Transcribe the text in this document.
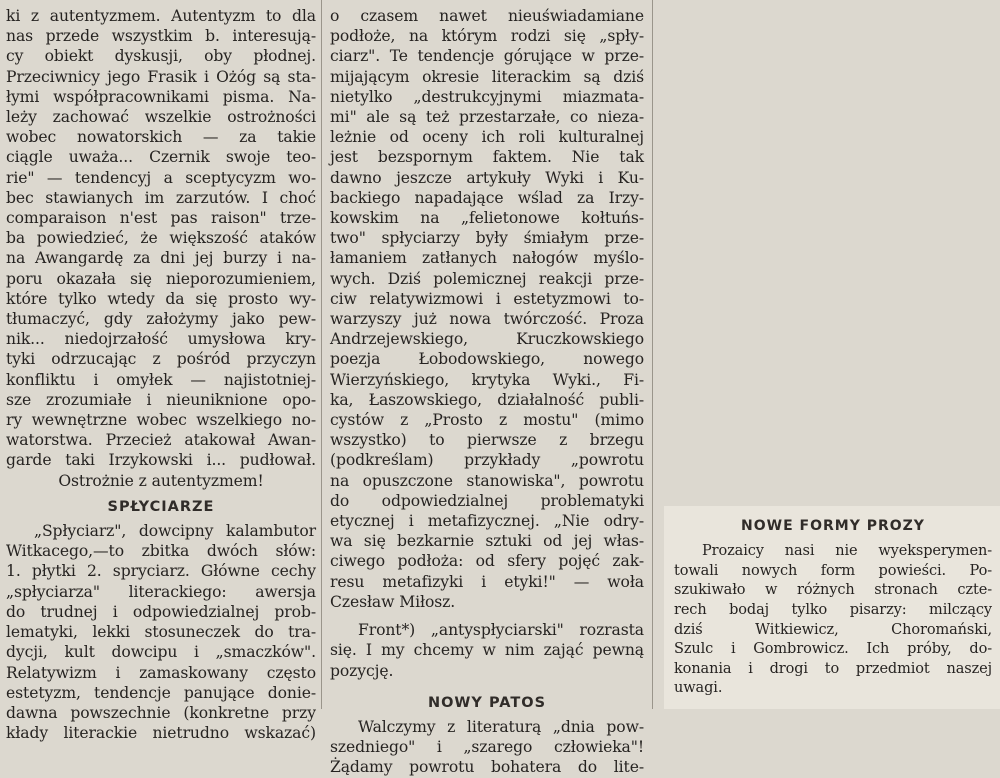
ki z autentyzmem. Autentyzm to dla

nas przede wszystkim b. interesują-

cy obiekt dyskusji, oby płodnej.

Przeciwnicy jego Frasik i Ożóg są sta-

łymi współpracownikami pisma. Na-

leży zachować wszelkie ostrożności

wobec nowatorskich — za takie

ciągle uważa... Czernik swoje teo-

rie" — tendencyj a sceptycyzm wo-

bec stawianych im zarzutów. I choć

comparaison n'est pas raison" trze-

ba powiedzieć, że większość ataków

na Awangardę za dni jej burzy i na-

poru okazała się nieporozumieniem,

które tylko wtedy da się prosto wy-

tłumaczyć, gdy założymy jako pew-

nik... niedojrzałość umysłowa kry-

tyki odrzucając z pośród przyczyn

konfliktu i omyłek — najistotniej-

sze zrozumiałe i nieuniknione opo-

ry wewnętrzne wobec wszelkiego no-

watorstwa. Przecież atakował Awan-

garde taki Irzykowski i... pudłował.

Ostrożnie z autentyzmem!

SPŁYCIARZE

„Spłyciarz", dowcipny kalambutor

Witkacego,—to zbitka dwóch słów:

1. płytki 2. spryciarz. Główne cechy

„spłyciarza" literackiego: awersja

do trudnej i odpowiedzialnej prob-

lematyki, lekki stosuneczek do tra-

dycji, kult dowcipu i „smaczków".

Relatywizm i zamaskowany często

estetyzm, tendencje panujące donie-

dawna powszechnie (konkretne przy

kłady literackie nietrudno wskazać)

o czasem nawet nieuświadamiane

podłoże, na którym rodzi się „spły-

ciarz". Te tendencje górujące w prze-

mijającym okresie literackim są dziś

nietylko „destrukcyjnymi miazmata-

mi" ale są też przestarzałe, co nieza-

leżnie od oceny ich roli kulturalnej

jest bezspornym faktem. Nie tak

dawno jeszcze artykuły Wyki i Ku-

backiego napadające wślad za Irzy-

kowskim na „felietonowe kołtuńs-

two" spłyciarzy były śmiałym prze-

łamaniem zatłanych nałogów myślo-

wych. Dziś polemicznej reakcji prze-

ciw relatywizmowi i estetyzmowi to-

warzyszy już nowa twórczość. Proza

Andrzejewskiego, Kruczkowskiego

poezja Łobodowskiego, nowego

Wierzyńskiego, krytyka Wyki., Fi-

ka, Łaszowskiego, działalność publi-

cystów z „Prosto z mostu" (mimo

wszystko) to pierwsze z brzegu

(podkreślam) przykłady „powrotu

na opuszczone stanowiska", powrotu

do odpowiedzialnej problematyki

etycznej i metafizycznej. „Nie odry-

wa się bezkarnie sztuki od jej włas-

ciwego podłoża: od sfery pojęć zak-

resu metafizyki i etyki!" — woła

Czesław Miłosz.

Front*) „antyspłyciarski" rozrasta

się. I my chcemy w nim zająć pewną

pozycję.

NOWY PATOS

Walczymy z literaturą „dnia pow-

szedniego" i „szarego człowieka"!

Żądamy powrotu bohatera do lite-

NOWE FORMY PROZY

Prozaicy nasi nie wyeksperymen-

towali nowych form powieści. Po-

szukiwało w różnych stronach czte-

rech bodaj tylko pisarzy: milczący

dziś Witkiewicz, Choromański,

Szulc i Gombrowicz. Ich próby, do-

konania i drogi to przedmiot naszej

uwagi.
